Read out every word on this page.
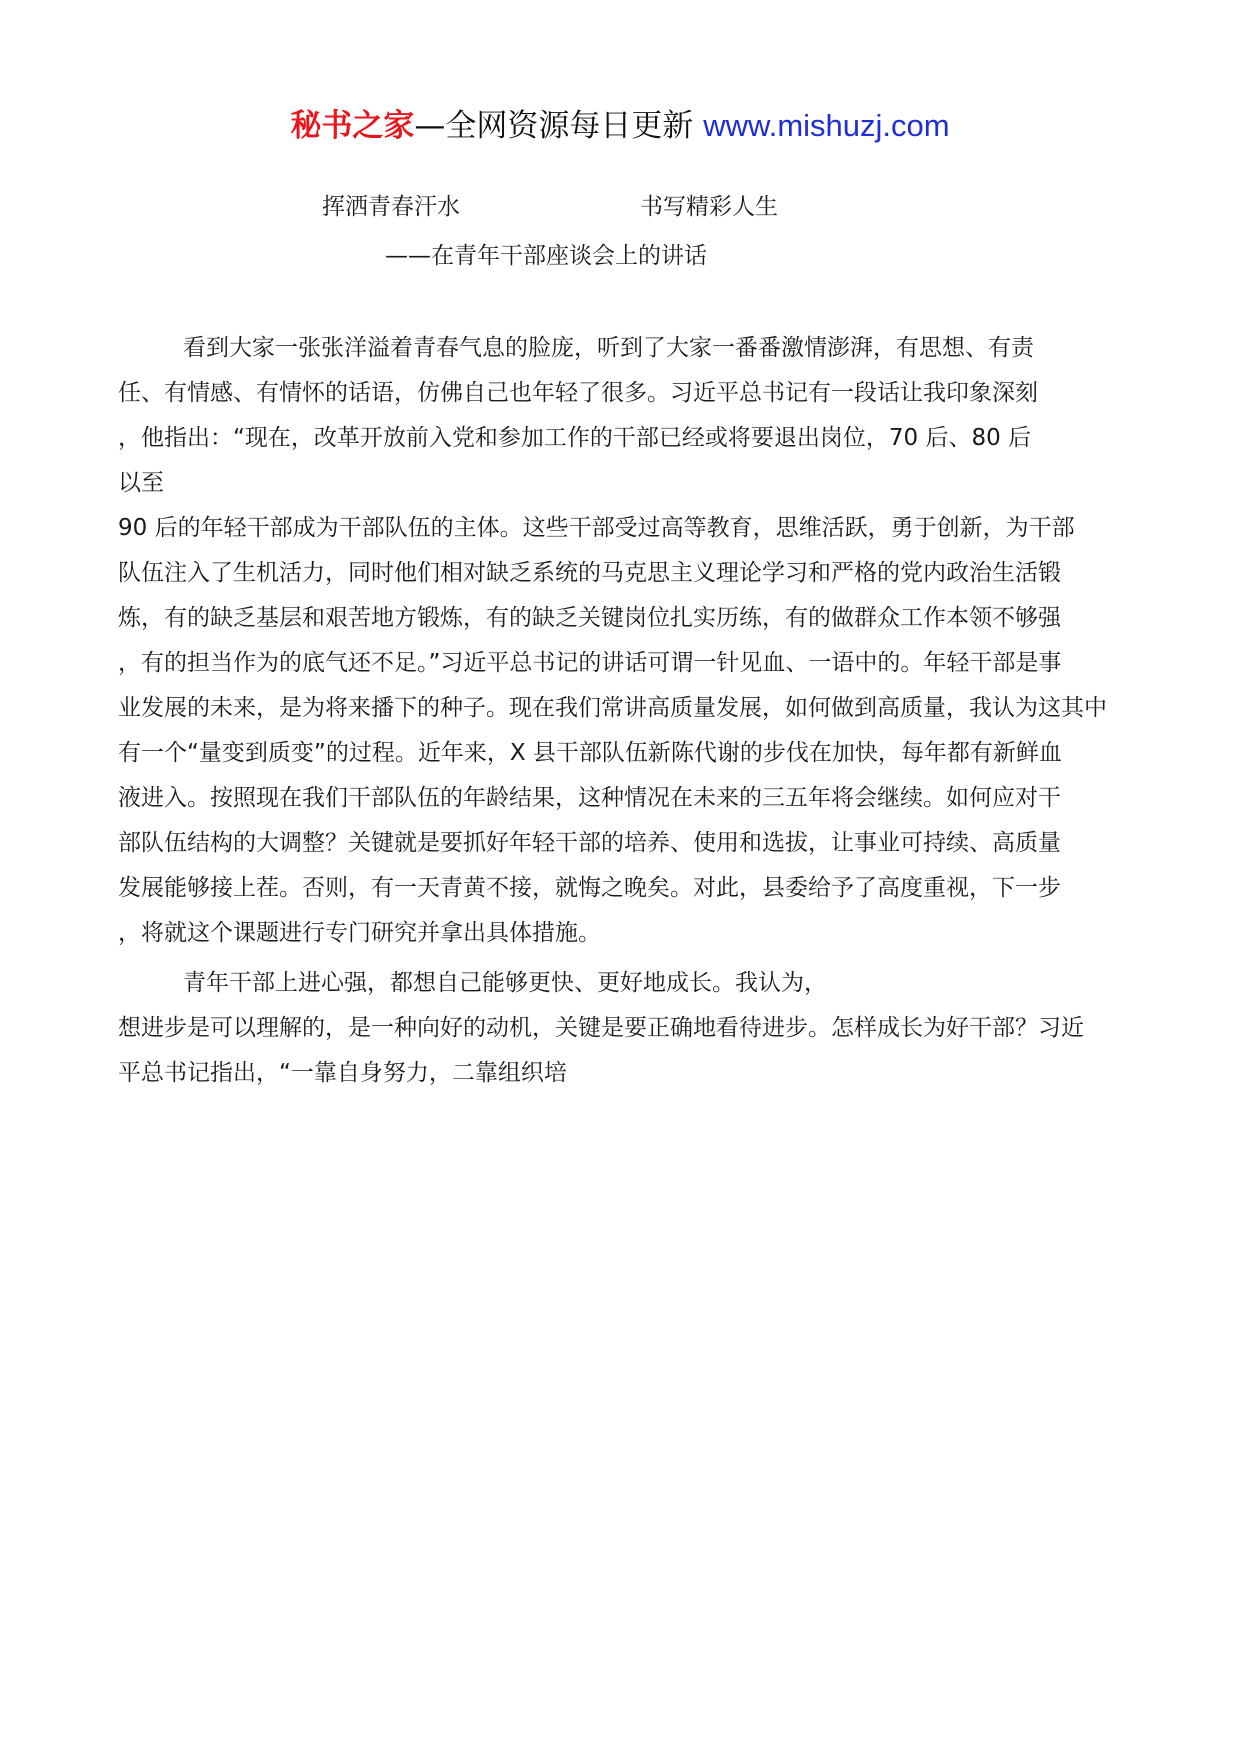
秘书之家—全网资源每日更新 www.mishuzj.com
挥洒青春汗水	书写精彩人生
——在青年干部座谈会上的讲话
看到大家一张张洋溢着青春气息的脸庞，听到了大家一番番激情澎湃，有思想、有责
任、有情感、有情怀的话语，仿佛自己也年轻了很多。习近平总书记有一段话让我印象深刻
，他指出：“现在，改革开放前入党和参加工作的干部已经或将要退出岗位，70 后、80 后
以至
90 后的年轻干部成为干部队伍的主体。这些干部受过高等教育，思维活跃，勇于创新，为干部
队伍注入了生机活力，同时他们相对缺乏系统的马克思主义理论学习和严格的党内政治生活锻
炼，有的缺乏基层和艰苦地方锻炼，有的缺乏关键岗位扎实历练，有的做群众工作本领不够强
，有的担当作为的底气还不足。”习近平总书记的讲话可谓一针见血、一语中的。年轻干部是事
业发展的未来，是为将来播下的种子。现在我们常讲高质量发展，如何做到高质量，我认为这其中
有一个“量变到质变”的过程。近年来，X 县干部队伍新陈代谢的步伐在加快，每年都有新鲜血
液进入。按照现在我们干部队伍的年龄结果，这种情况在未来的三五年将会继续。如何应对干
部队伍结构的大调整？关键就是要抓好年轻干部的培养、使用和选拔，让事业可持续、高质量
发展能够接上茬。否则，有一天青黄不接，就悔之晚矣。对此，县委给予了高度重视，下一步
，将就这个课题进行专门研究并拿出具体措施。
青年干部上进心强，都想自己能够更快、更好地成长。我认为，
想进步是可以理解的，是一种向好的动机，关键是要正确地看待进步。怎样成长为好干部？习近
平总书记指出，“一靠自身努力，二靠组织培
